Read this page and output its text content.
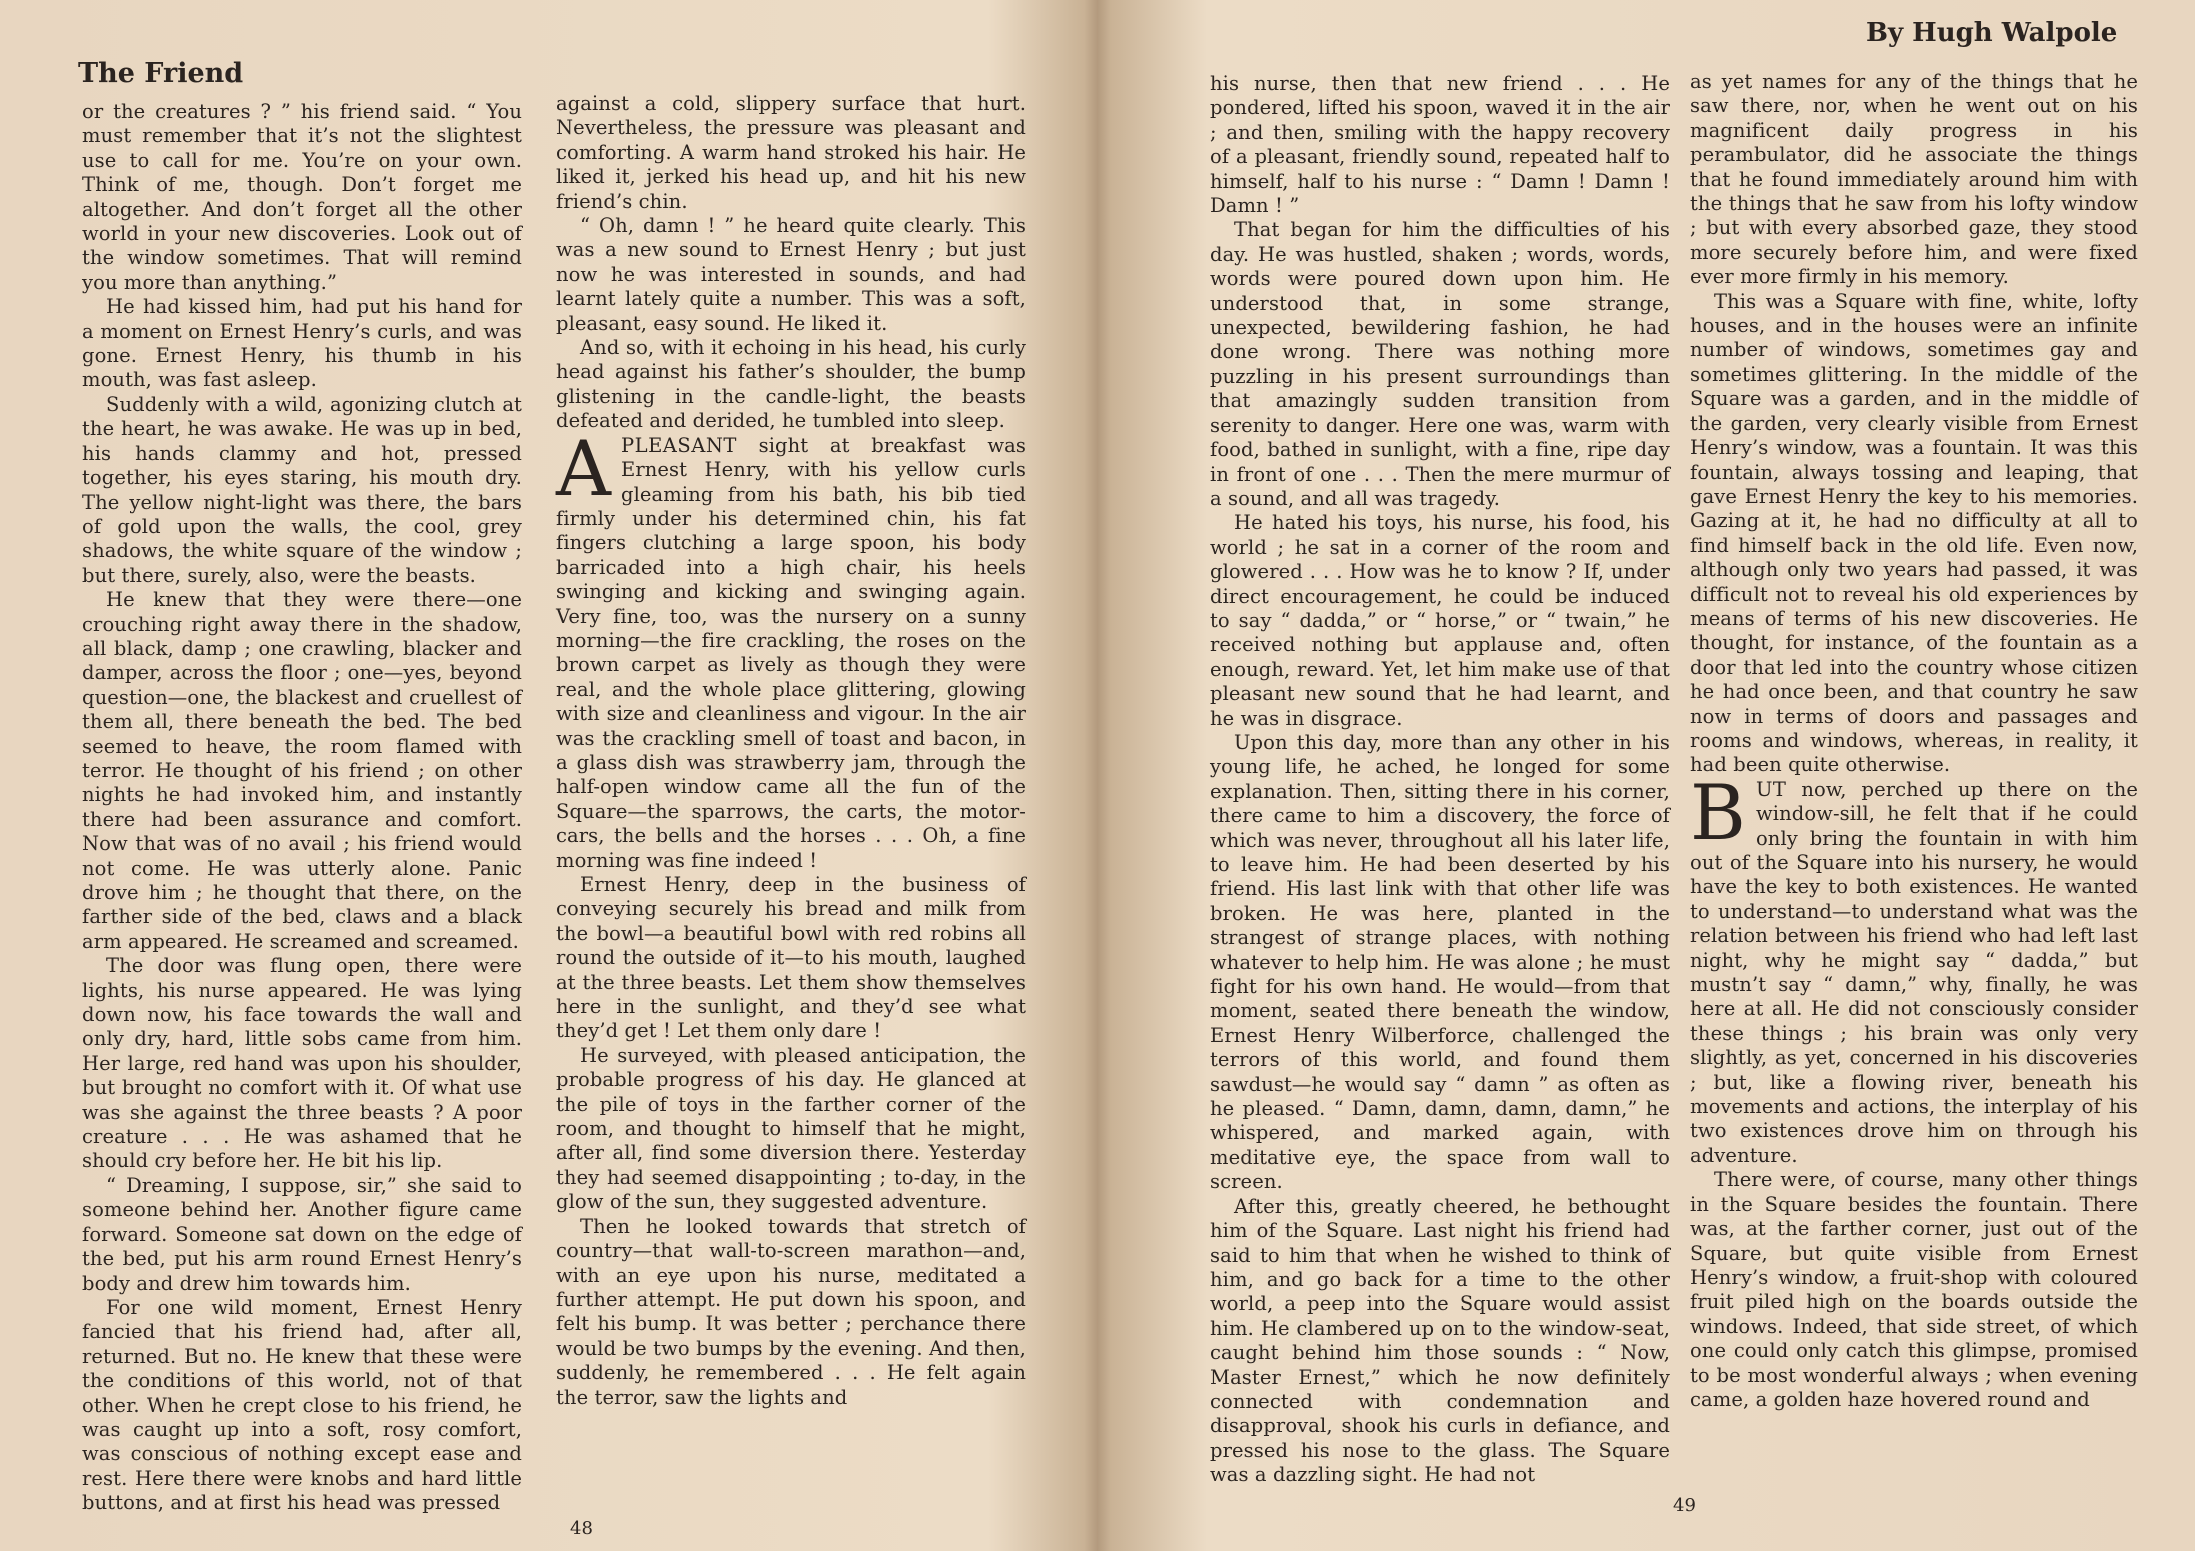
The Friend

or the creatures ? ” his friend said. “ You must remember that it’s not the slightest use to call for me. You’re on your own. Think of me, though. Don’t forget me altogether. And don’t forget all the other world in your new discoveries. Look out of the window sometimes. That will remind you more than anything.”

He had kissed him, had put his hand for a moment on Ernest Henry’s curls, and was gone. Ernest Henry, his thumb in his mouth, was fast asleep.

Suddenly with a wild, agonizing clutch at the heart, he was awake. He was up in bed, his hands clammy and hot, pressed together, his eyes staring, his mouth dry. The yellow night-light was there, the bars of gold upon the walls, the cool, grey shadows, the white square of the window ; but there, surely, also, were the beasts.

He knew that they were there—one crouching right away there in the shadow, all black, damp ; one crawling, blacker and damper, across the floor ; one—yes, beyond question—one, the blackest and cruellest of them all, there beneath the bed. The bed seemed to heave, the room flamed with terror. He thought of his friend ; on other nights he had invoked him, and instantly there had been assurance and comfort. Now that was of no avail ; his friend would not come. He was utterly alone. Panic drove him ; he thought that there, on the farther side of the bed, claws and a black arm appeared. He screamed and screamed.

The door was flung open, there were lights, his nurse appeared. He was lying down now, his face towards the wall and only dry, hard, little sobs came from him. Her large, red hand was upon his shoulder, but brought no comfort with it. Of what use was she against the three beasts ? A poor creature . . . He was ashamed that he should cry before her. He bit his lip.

“ Dreaming, I suppose, sir,” she said to someone behind her. Another figure came forward. Someone sat down on the edge of the bed, put his arm round Ernest Henry’s body and drew him towards him.

For one wild moment, Ernest Henry fancied that his friend had, after all, returned. But no. He knew that these were the conditions of this world, not of that other. When he crept close to his friend, he was caught up into a soft, rosy comfort, was conscious of nothing except ease and rest. Here there were knobs and hard little buttons, and at first his head was pressed

against a cold, slippery surface that hurt. Nevertheless, the pressure was pleasant and comforting. A warm hand stroked his hair. He liked it, jerked his head up, and hit his new friend’s chin.

“ Oh, damn ! ” he heard quite clearly. This was a new sound to Ernest Henry ; but just now he was interested in sounds, and had learnt lately quite a number. This was a soft, pleasant, easy sound. He liked it.

And so, with it echoing in his head, his curly head against his father’s shoulder, the bump glistening in the candle-light, the beasts defeated and derided, he tumbled into sleep.

APLEASANT sight at breakfast was Ernest Henry, with his yellow curls gleaming from his bath, his bib tied firmly under his determined chin, his fat fingers clutching a large spoon, his body barricaded into a high chair, his heels swinging and kicking and swinging again. Very fine, too, was the nursery on a sunny morning—the fire crackling, the roses on the brown carpet as lively as though they were real, and the whole place glittering, glowing with size and cleanliness and vigour. In the air was the crackling smell of toast and bacon, in a glass dish was strawberry jam, through the half-open window came all the fun of the Square—the sparrows, the carts, the motor-cars, the bells and the horses . . . Oh, a fine morning was fine indeed !

Ernest Henry, deep in the business of conveying securely his bread and milk from the bowl—a beautiful bowl with red robins all round the outside of it—to his mouth, laughed at the three beasts. Let them show themselves here in the sunlight, and they’d see what they’d get ! Let them only dare !

He surveyed, with pleased anticipation, the probable progress of his day. He glanced at the pile of toys in the farther corner of the room, and thought to himself that he might, after all, find some diversion there. Yesterday they had seemed disappointing ; to-day, in the glow of the sun, they suggested adventure.

Then he looked towards that stretch of country—that wall-to-screen marathon—and, with an eye upon his nurse, meditated a further attempt. He put down his spoon, and felt his bump. It was better ; perchance there would be two bumps by the evening. And then, suddenly, he remembered . . . He felt again the terror, saw the lights and

48
By Hugh Walpole

his nurse, then that new friend . . . He pondered, lifted his spoon, waved it in the air ; and then, smiling with the happy recovery of a pleasant, friendly sound, repeated half to himself, half to his nurse : “ Damn ! Damn ! Damn ! ”

That began for him the difficulties of his day. He was hustled, shaken ; words, words, words were poured down upon him. He understood that, in some strange, unexpected, bewildering fashion, he had done wrong. There was nothing more puzzling in his present surroundings than that amazingly sudden transition from serenity to danger. Here one was, warm with food, bathed in sunlight, with a fine, ripe day in front of one . . . Then the mere murmur of a sound, and all was tragedy.

He hated his toys, his nurse, his food, his world ; he sat in a corner of the room and glowered . . . How was he to know ? If, under direct encouragement, he could be induced to say “ dadda,” or “ horse,” or “ twain,” he received nothing but applause and, often enough, reward. Yet, let him make use of that pleasant new sound that he had learnt, and he was in disgrace.

Upon this day, more than any other in his young life, he ached, he longed for some explanation. Then, sitting there in his corner, there came to him a discovery, the force of which was never, throughout all his later life, to leave him. He had been deserted by his friend. His last link with that other life was broken. He was here, planted in the strangest of strange places, with nothing whatever to help him. He was alone ; he must fight for his own hand. He would—from that moment, seated there beneath the window, Ernest Henry Wilberforce, challenged the terrors of this world, and found them sawdust—he would say “ damn ” as often as he pleased. “ Damn, damn, damn, damn,” he whispered, and marked again, with meditative eye, the space from wall to screen.

After this, greatly cheered, he bethought him of the Square. Last night his friend had said to him that when he wished to think of him, and go back for a time to the other world, a peep into the Square would assist him. He clambered up on to the window-seat, caught behind him those sounds : “ Now, Master Ernest,” which he now definitely connected with condemnation and disapproval, shook his curls in defiance, and pressed his nose to the glass. The Square was a dazzling sight. He had not

as yet names for any of the things that he saw there, nor, when he went out on his magnificent daily progress in his perambulator, did he associate the things that he found immediately around him with the things that he saw from his lofty window ; but with every absorbed gaze, they stood more securely before him, and were fixed ever more firmly in his memory.

This was a Square with fine, white, lofty houses, and in the houses were an infinite number of windows, sometimes gay and sometimes glittering. In the middle of the Square was a garden, and in the middle of the garden, very clearly visible from Ernest Henry’s window, was a fountain. It was this fountain, always tossing and leaping, that gave Ernest Henry the key to his memories. Gazing at it, he had no difficulty at all to find himself back in the old life. Even now, although only two years had passed, it was difficult not to reveal his old experiences by means of terms of his new discoveries. He thought, for instance, of the fountain as a door that led into the country whose citizen he had once been, and that country he saw now in terms of doors and passages and rooms and windows, whereas, in reality, it had been quite otherwise.

BUT now, perched up there on the window-sill, he felt that if he could only bring the fountain in with him out of the Square into his nursery, he would have the key to both existences. He wanted to understand—to understand what was the relation between his friend who had left last night, why he might say “ dadda,” but mustn’t say “ damn,” why, finally, he was here at all. He did not consciously consider these things ; his brain was only very slightly, as yet, concerned in his discoveries ; but, like a flowing river, beneath his movements and actions, the interplay of his two existences drove him on through his adventure.

There were, of course, many other things in the Square besides the fountain. There was, at the farther corner, just out of the Square, but quite visible from Ernest Henry’s window, a fruit-shop with coloured fruit piled high on the boards outside the windows. Indeed, that side street, of which one could only catch this glimpse, promised to be most wonderful always ; when evening came, a golden haze hovered round and

49
